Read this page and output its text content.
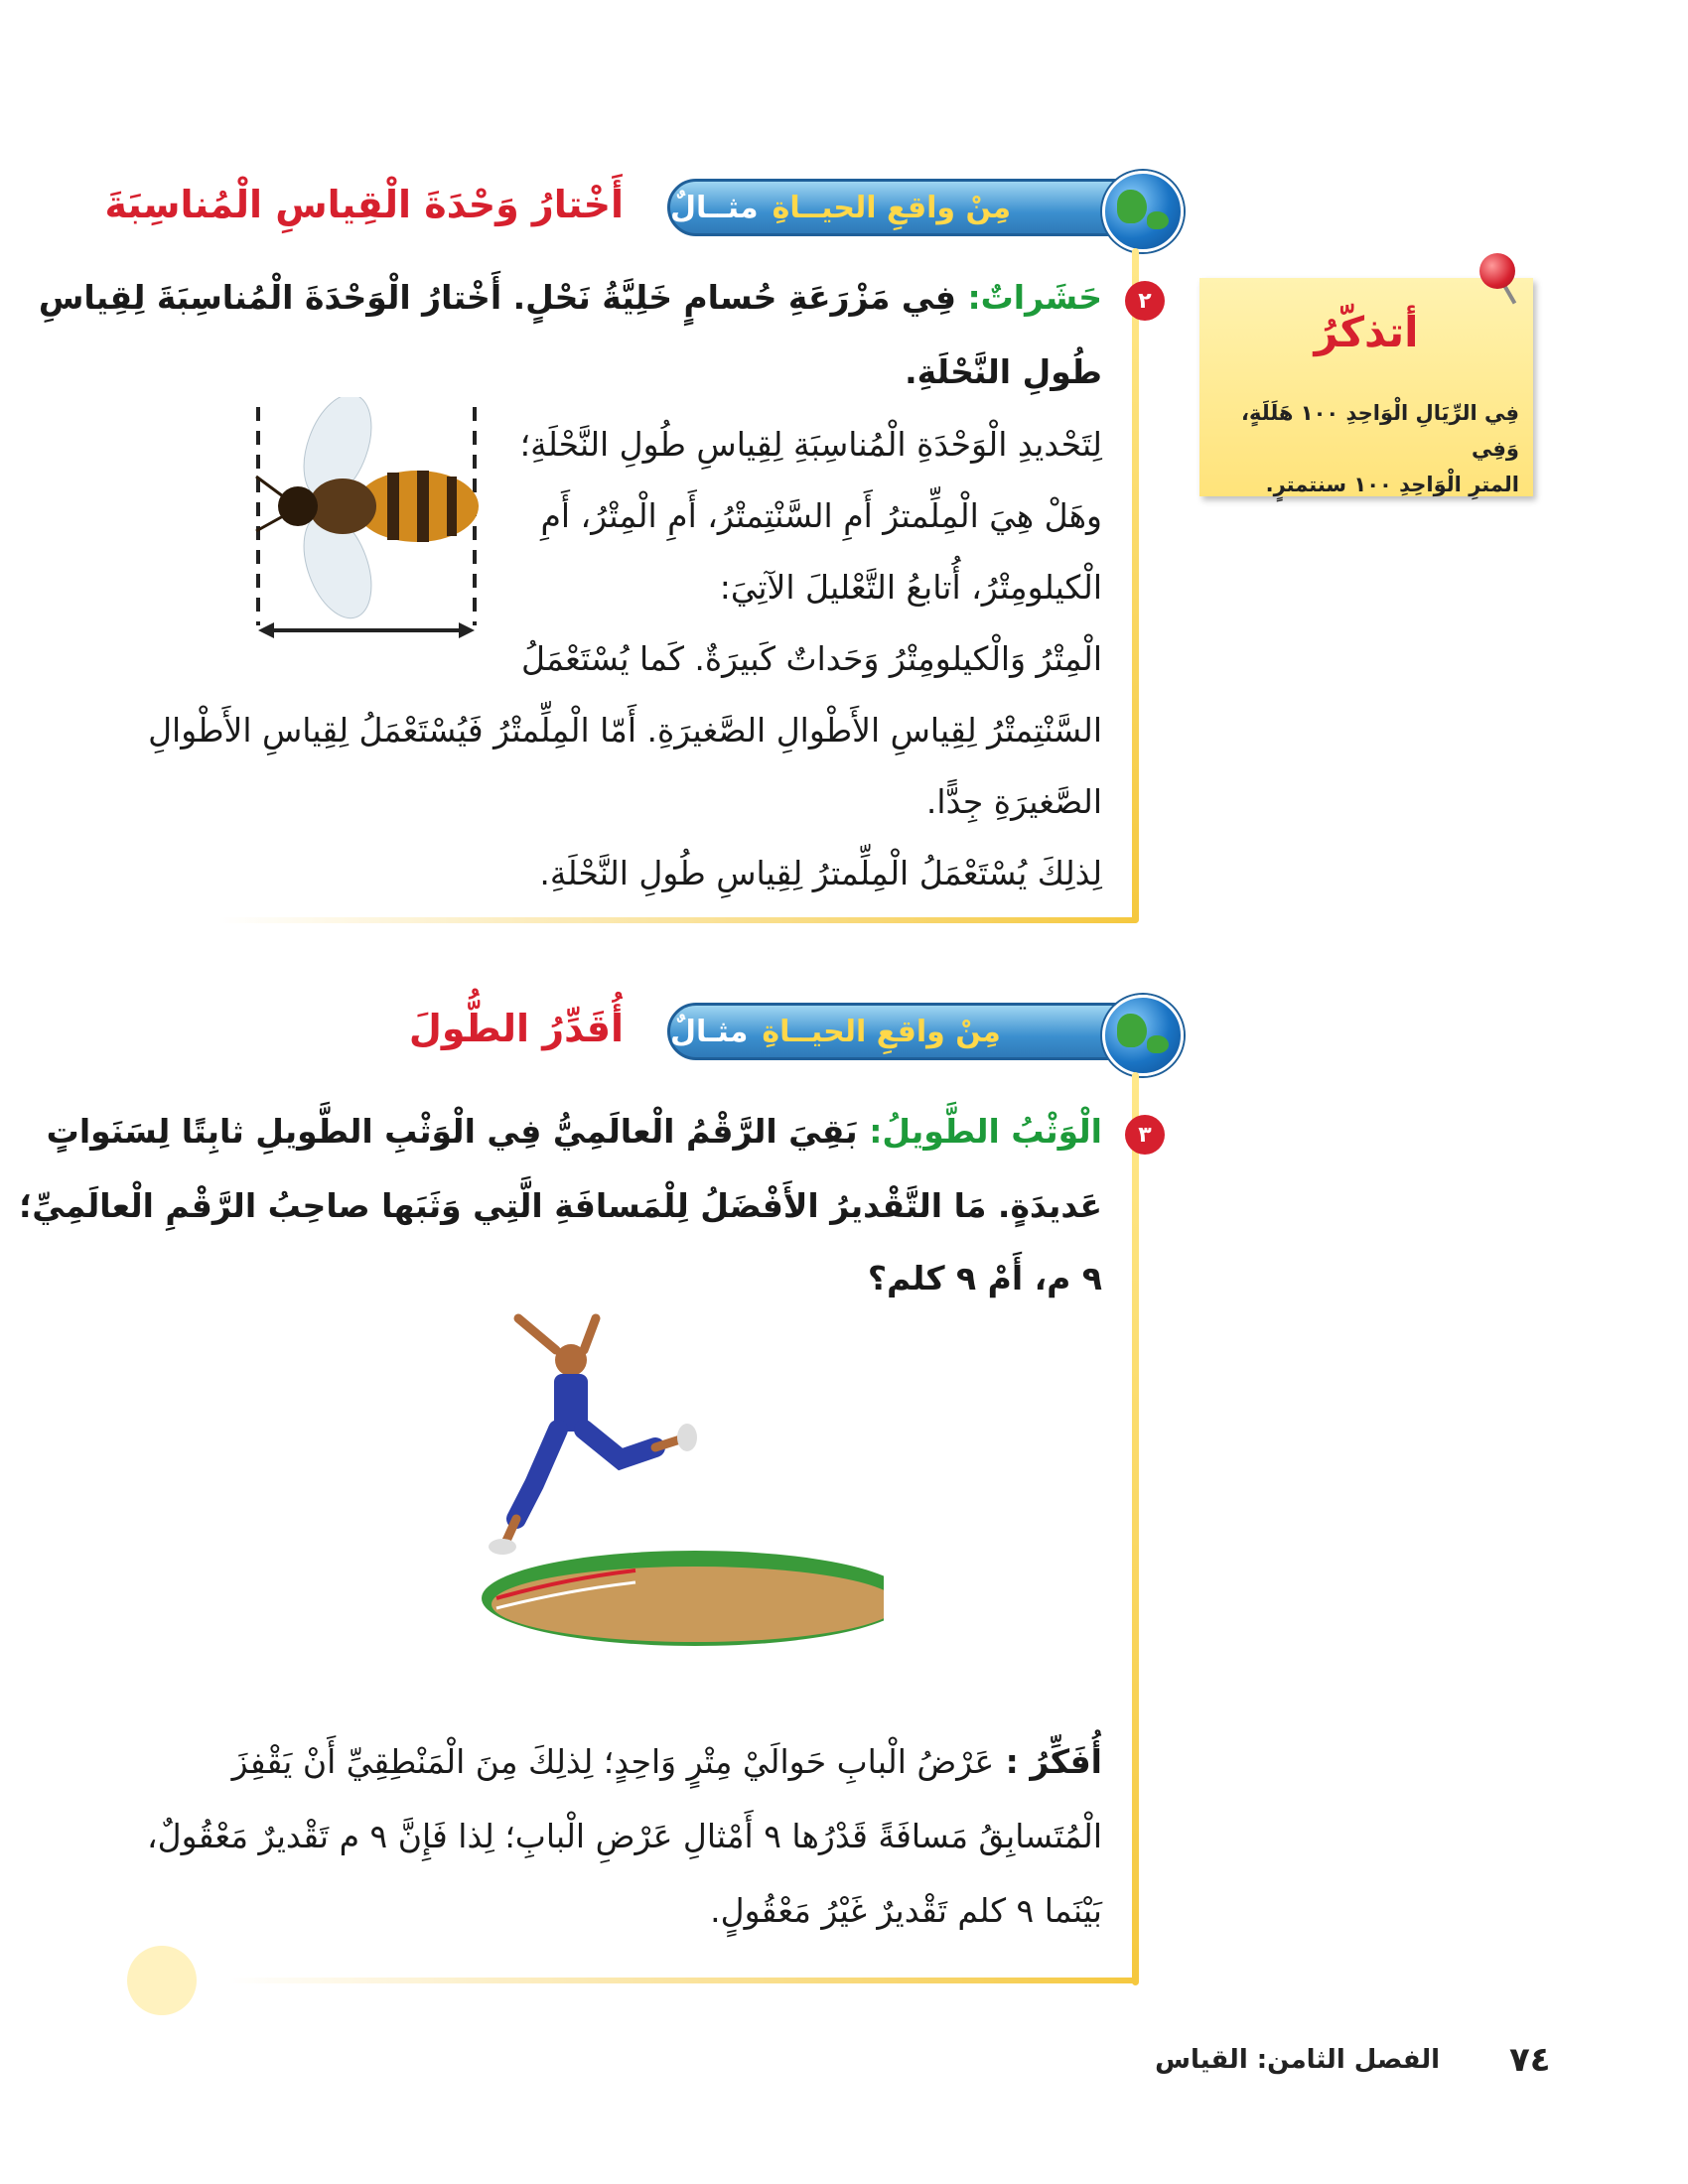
أتذكّرُ
فِي الرِّيَالِ الْوَاحِدِ ١٠٠ هَلَلَةٍ، وَفِي
المترِ الْوَاحِدِ ١٠٠ سنتمترٍ.
مِنْ واقعِ الحيــاةِ
مثــالٌ
أَخْتارُ وَحْدَةَ الْقِياسِ الْمُناسِبَةَ
٢
حَشَراتٌ: فِي مَزْرَعَةِ حُسامٍ خَلِيَّةُ نَحْلٍ. أَخْتارُ الْوَحْدَةَ الْمُناسِبَةَ لِقِياسِ
طُولِ النَّحْلَةِ.
لِتَحْديدِ الْوَحْدَةِ الْمُناسِبَةِ لِقِياسِ طُولِ النَّحْلَةِ؛
وهَلْ هِيَ الْمِلِّمترُ أَمِ السَّنْتِمتْرُ، أَمِ الْمِتْرُ، أَمِ
الْكيلومِتْرُ، أُتابعُ التَّعْليلَ الآتِيَ:
الْمِتْرُ وَالْكيلومِتْرُ وَحَداتٌ كَبيرَةٌ. كَما يُسْتَعْمَلُ
السَّنْتِمتْرُ لِقِياسِ الأَطْوالِ الصَّغيرَةِ. أَمّا الْمِلِّمتْرُ فَيُسْتَعْمَلُ لِقِياسِ الأَطْوالِ
الصَّغيرَةِ جِدًّا.
لِذلِكَ يُسْتَعْمَلُ الْمِلِّمترُ لِقِياسِ طُولِ النَّحْلَةِ.
مِنْ واقعِ الحيــاةِ
مثـالٌ
أُقَدِّرُ الطُّولَ
٣
الْوَثْبُ الطَّويلُ: بَقِيَ الرَّقْمُ الْعالَمِيُّ فِي الْوَثْبِ الطَّويلِ ثابِتًا لِسَنَواتٍ
عَديدَةٍ. مَا التَّقْديرُ الأَفْضَلُ لِلْمَسافَةِ الَّتِي وَثَبَها صاحِبُ الرَّقْمِ الْعالَمِيِّ؛
٩ م، أَمْ ٩ كلم؟
أُفَكِّرُ : عَرْضُ الْبابِ حَوالَيْ مِتْرٍ وَاحِدٍ؛ لِذلِكَ مِنَ الْمَنْطِقِيِّ أَنْ يَقْفِزَ
الْمُتَسابِقُ مَسافَةً قَدْرُها ٩ أَمْثالِ عَرْضِ الْبابِ؛ لِذا فَإِنَّ ٩ م تَقْديرٌ مَعْقُولٌ،
بَيْنَما ٩ كلم تَقْديرٌ غَيْرُ مَعْقُولٍ.
٧٤
الفصل الثامن: القياس
